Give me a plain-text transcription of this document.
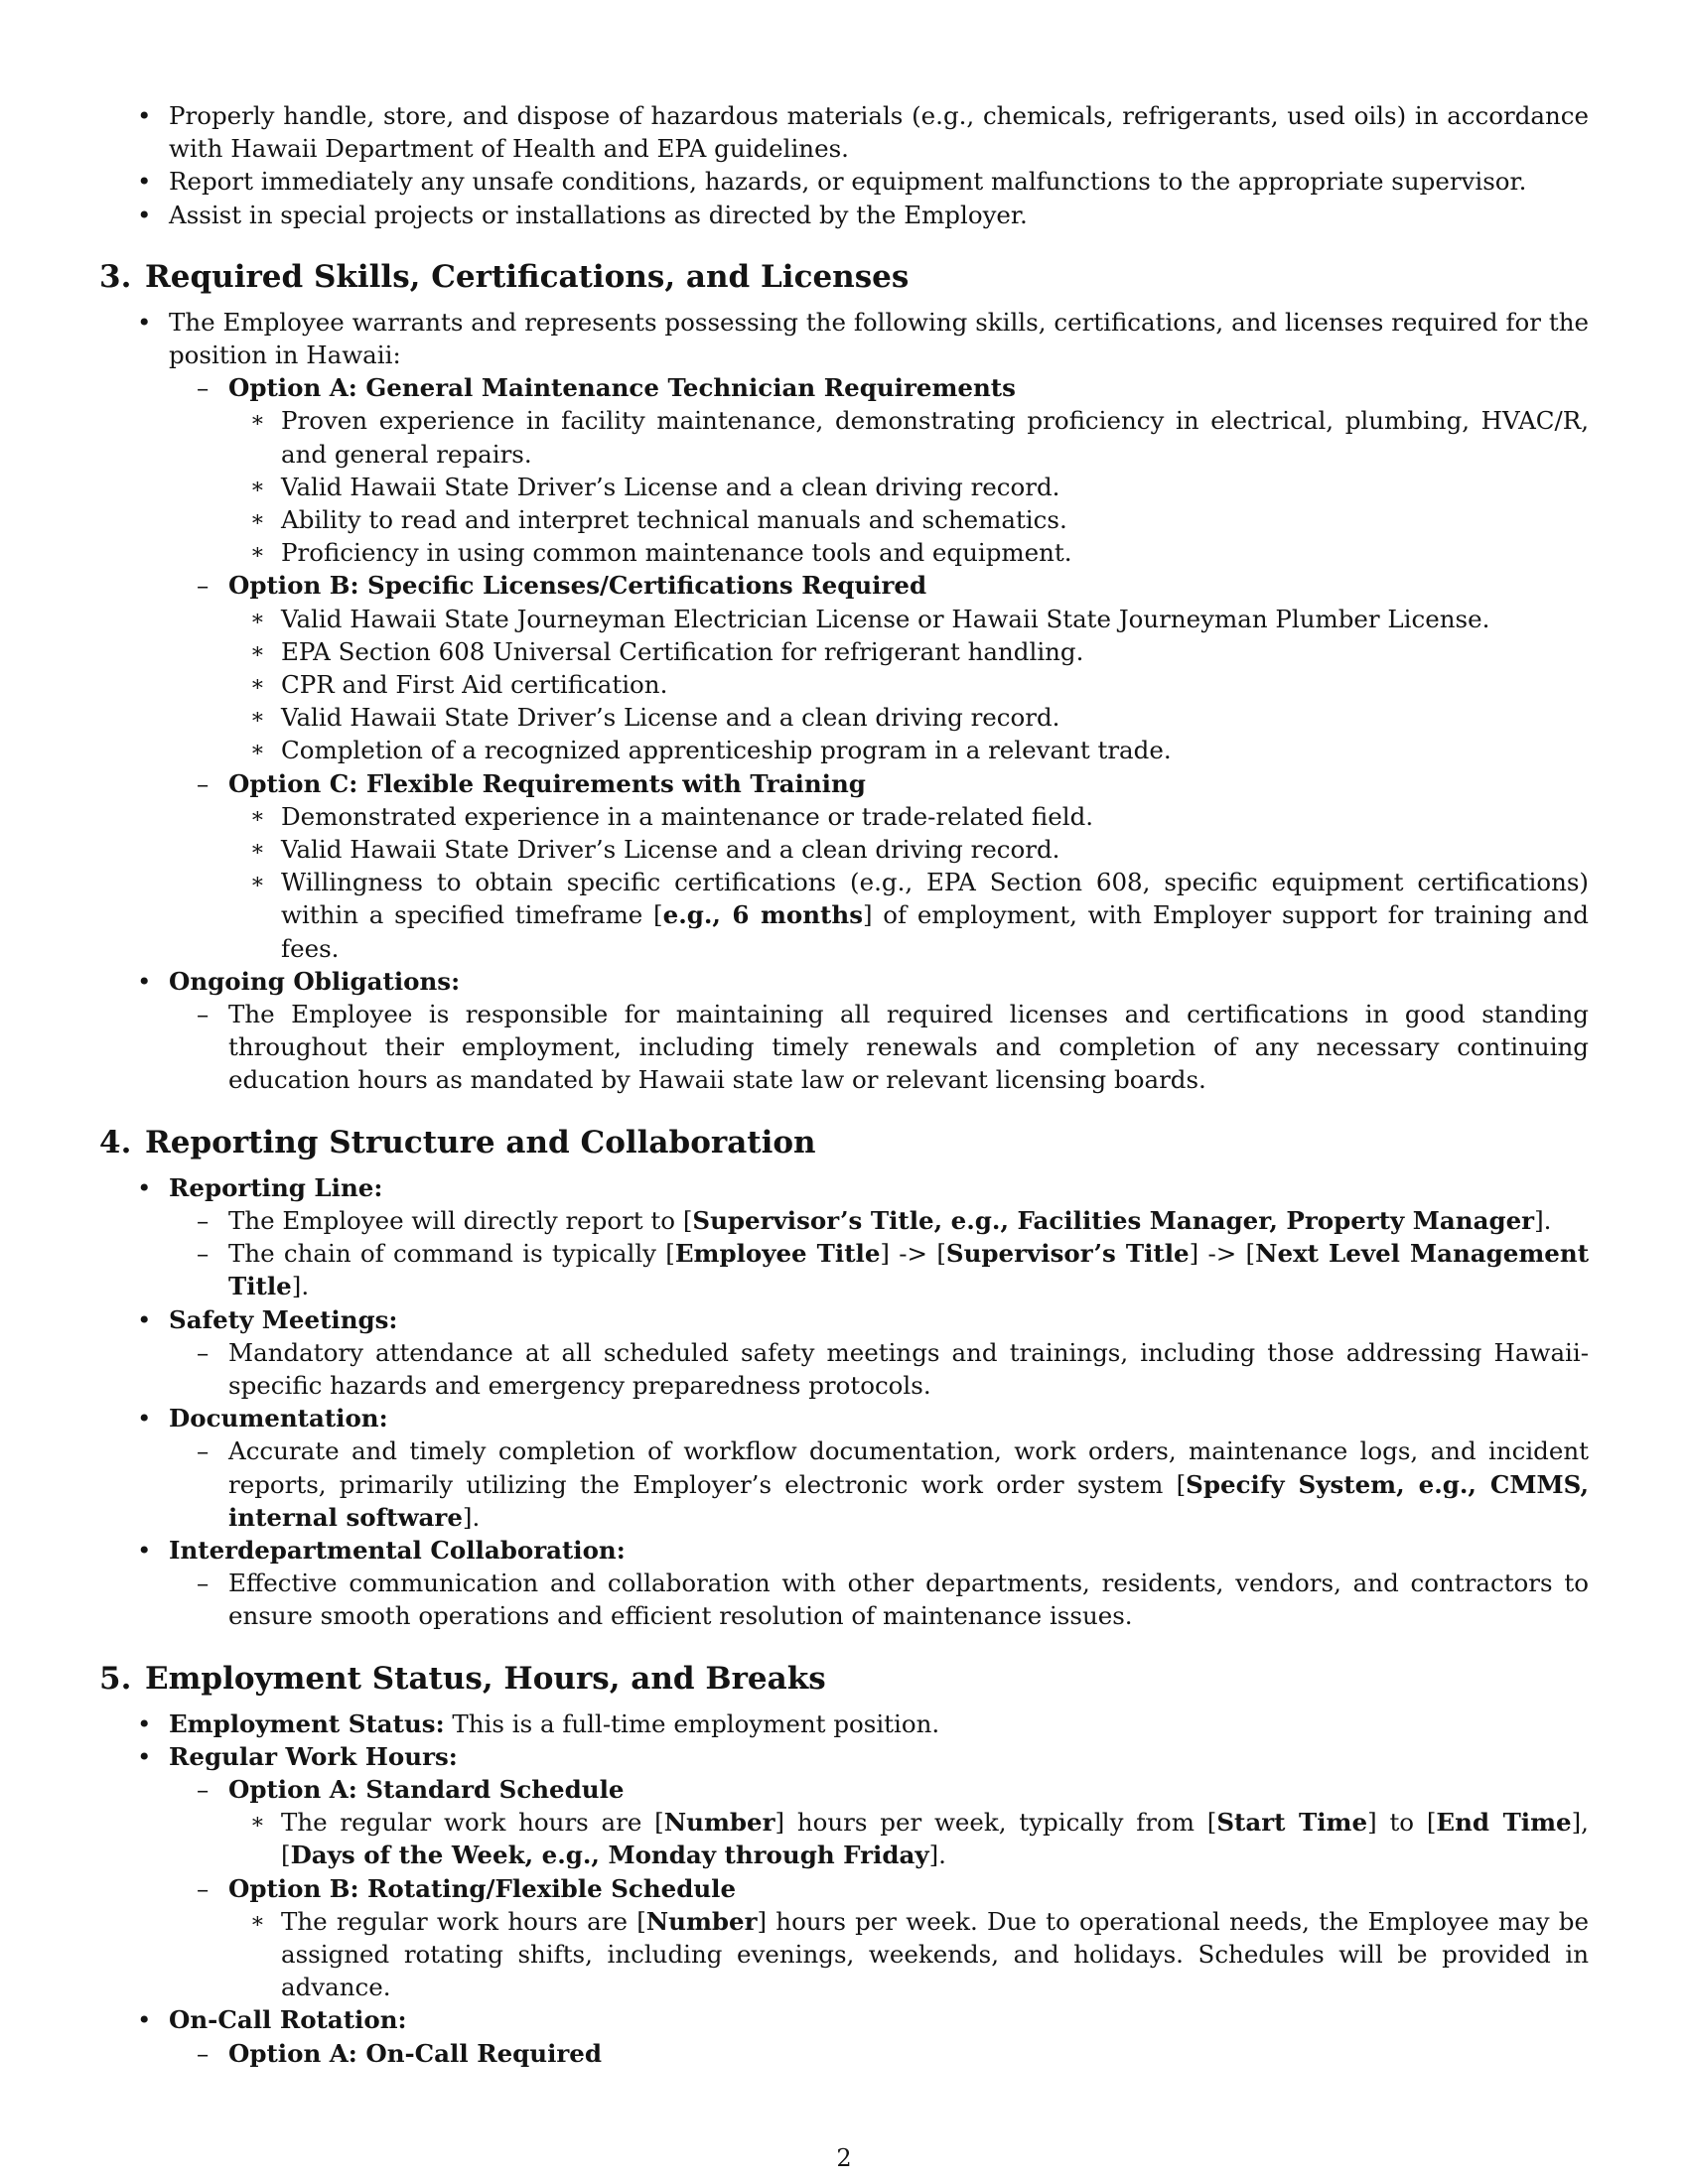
• Properly handle, store, and dispose of hazardous materials (e.g., chemicals, refrigerants, used oils) in accordance with Hawaii Department of Health and EPA guidelines.
• Report immediately any unsafe conditions, hazards, or equipment malfunctions to the appropriate supervisor.
• Assist in special projects or installations as directed by the Employer.
3. Required Skills, Certifications, and Licenses
• The Employee warrants and represents possessing the following skills, certifications, and licenses required for the position in Hawaii:
– Option A: General Maintenance Technician Requirements
∗ Proven experience in facility maintenance, demonstrating proficiency in electrical, plumbing, HVAC/R, and general repairs.
∗ Valid Hawaii State Driver’s License and a clean driving record.
∗ Ability to read and interpret technical manuals and schematics.
∗ Proficiency in using common maintenance tools and equipment.
– Option B: Specific Licenses/Certifications Required
∗ Valid Hawaii State Journeyman Electrician License or Hawaii State Journeyman Plumber License.
∗ EPA Section 608 Universal Certification for refrigerant handling.
∗ CPR and First Aid certification.
∗ Valid Hawaii State Driver’s License and a clean driving record.
∗ Completion of a recognized apprenticeship program in a relevant trade.
– Option C: Flexible Requirements with Training
∗ Demonstrated experience in a maintenance or trade-related field.
∗ Valid Hawaii State Driver’s License and a clean driving record.
∗ Willingness to obtain specific certifications (e.g., EPA Section 608, specific equipment certifications) within a specified timeframe [e.g., 6 months] of employment, with Employer support for training and fees.
• Ongoing Obligations:
– The Employee is responsible for maintaining all required licenses and certifications in good standing throughout their employment, including timely renewals and completion of any necessary continuing education hours as mandated by Hawaii state law or relevant licensing boards.
4. Reporting Structure and Collaboration
• Reporting Line:
– The Employee will directly report to [Supervisor’s Title, e.g., Facilities Manager, Property Manager].
– The chain of command is typically [Employee Title] -> [Supervisor’s Title] -> [Next Level Management Title].
• Safety Meetings:
– Mandatory attendance at all scheduled safety meetings and trainings, including those addressing Hawaii-specific hazards and emergency preparedness protocols.
• Documentation:
– Accurate and timely completion of workflow documentation, work orders, maintenance logs, and incident reports, primarily utilizing the Employer’s electronic work order system [Specify System, e.g., CMMS, internal software].
• Interdepartmental Collaboration:
– Effective communication and collaboration with other departments, residents, vendors, and contractors to ensure smooth operations and efficient resolution of maintenance issues.
5. Employment Status, Hours, and Breaks
• Employment Status: This is a full-time employment position.
• Regular Work Hours:
– Option A: Standard Schedule
∗ The regular work hours are [Number] hours per week, typically from [Start Time] to [End Time], [Days of the Week, e.g., Monday through Friday].
– Option B: Rotating/Flexible Schedule
∗ The regular work hours are [Number] hours per week. Due to operational needs, the Employee may be assigned rotating shifts, including evenings, weekends, and holidays. Schedules will be provided in advance.
• On-Call Rotation:
– Option A: On-Call Required
2
